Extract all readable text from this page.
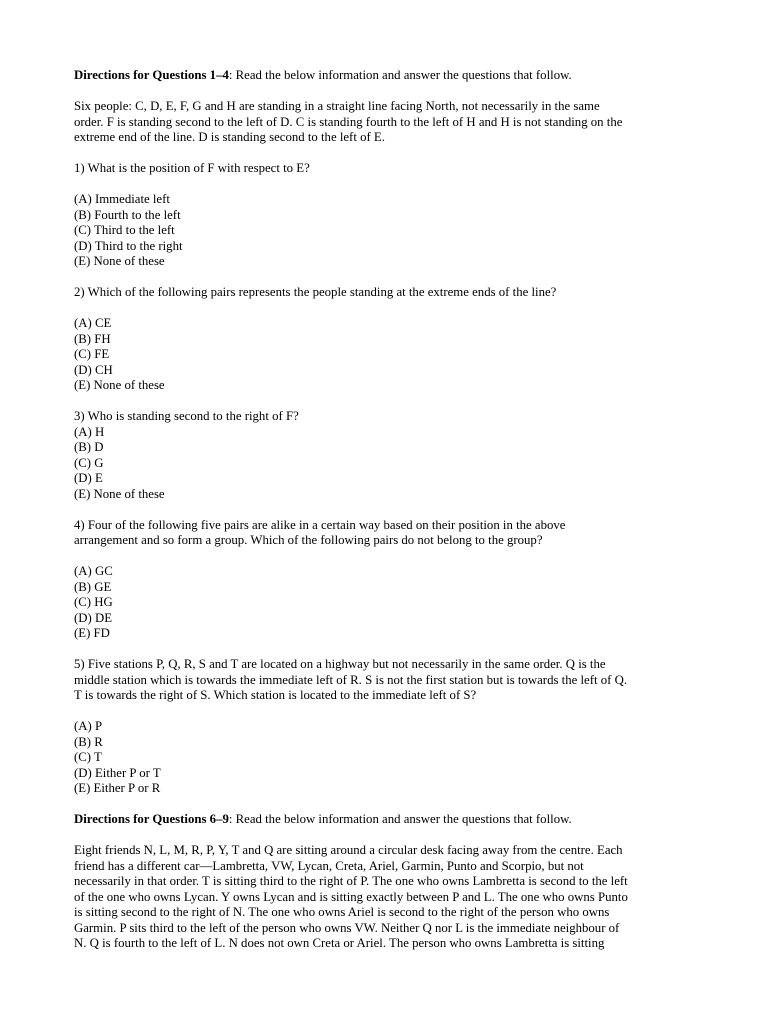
Directions for Questions 1–4: Read the below information and answer the questions that follow.

Six people: C, D, E, F, G and H are standing in a straight line facing North, not necessarily in the same
order. F is standing second to the left of D. C is standing fourth to the left of H and H is not standing on the
extreme end of the line. D is standing second to the left of E.

1) What is the position of F with respect to E?

(A) Immediate left
(B) Fourth to the left
(C) Third to the left
(D) Third to the right
(E) None of these

2) Which of the following pairs represents the people standing at the extreme ends of the line?

(A) CE
(B) FH
(C) FE
(D) CH
(E) None of these

3) Who is standing second to the right of F?
(A) H
(B) D
(C) G
(D) E
(E) None of these

4) Four of the following five pairs are alike in a certain way based on their position in the above
arrangement and so form a group. Which of the following pairs do not belong to the group?

(A) GC
(B) GE
(C) HG
(D) DE
(E) FD

5) Five stations P, Q, R, S and T are located on a highway but not necessarily in the same order. Q is the
middle station which is towards the immediate left of R. S is not the first station but is towards the left of Q.
T is towards the right of S. Which station is located to the immediate left of S?

(A) P
(B) R
(C) T
(D) Either P or T
(E) Either P or R

Directions for Questions 6–9: Read the below information and answer the questions that follow.

Eight friends N, L, M, R, P, Y, T and Q are sitting around a circular desk facing away from the centre. Each
friend has a different car—Lambretta, VW, Lycan, Creta, Ariel, Garmin, Punto and Scorpio, but not
necessarily in that order. T is sitting third to the right of P. The one who owns Lambretta is second to the left
of the one who owns Lycan. Y owns Lycan and is sitting exactly between P and L. The one who owns Punto
is sitting second to the right of N. The one who owns Ariel is second to the right of the person who owns
Garmin. P sits third to the left of the person who owns VW. Neither Q nor L is the immediate neighbour of
N. Q is fourth to the left of L. N does not own Creta or Ariel. The person who owns Lambretta is sitting
